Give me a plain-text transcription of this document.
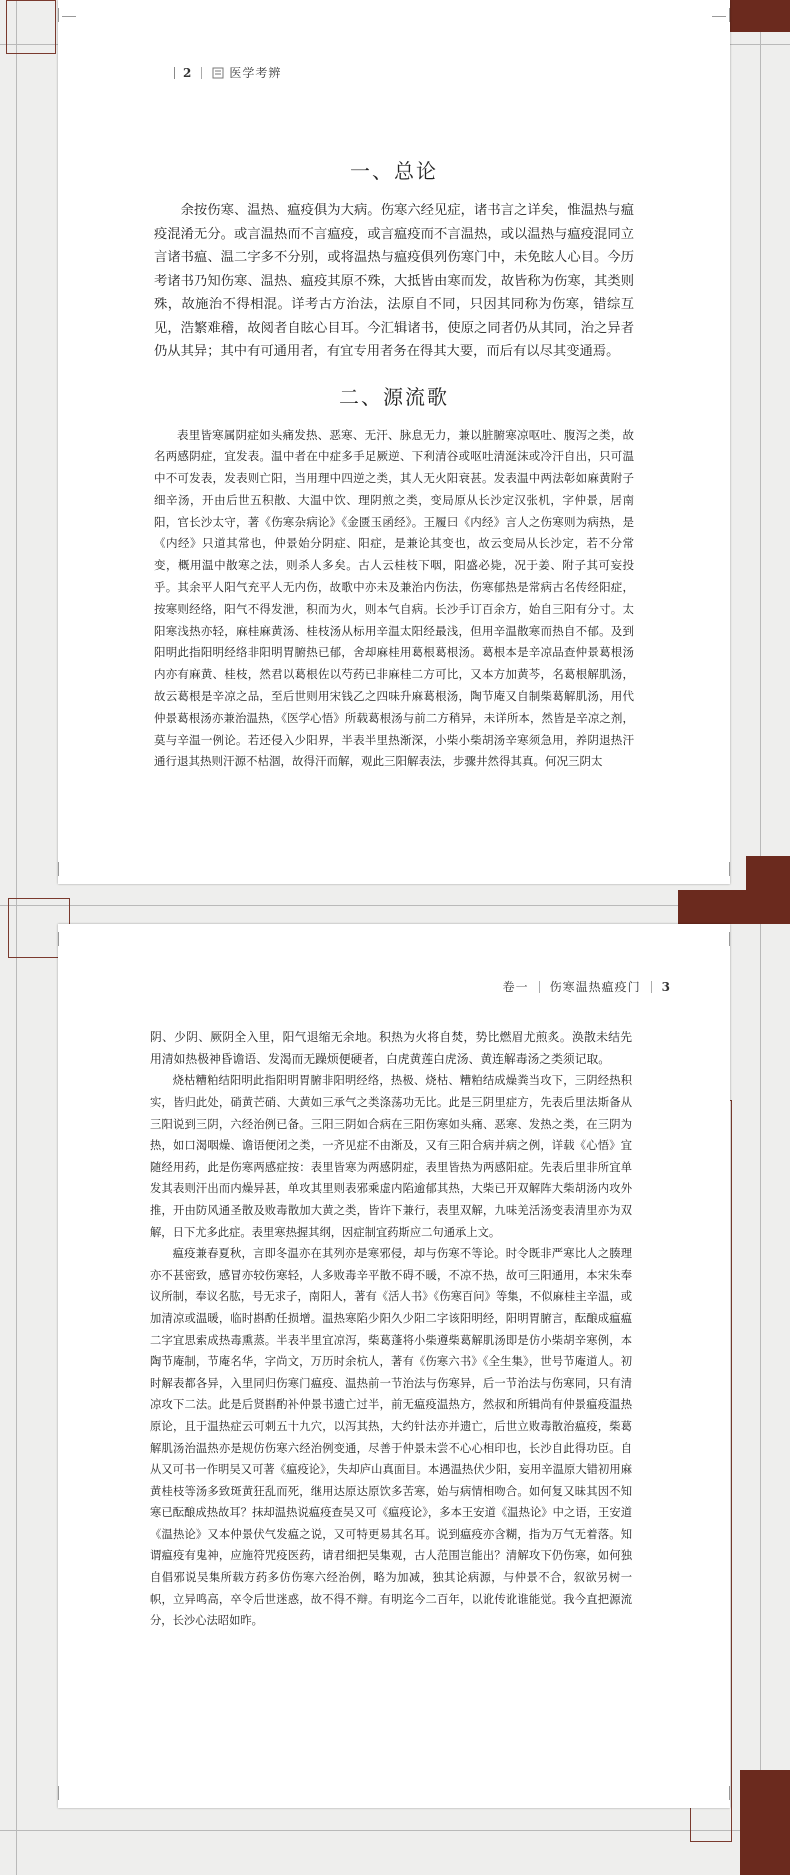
2	医学考辨
一、总论

余按伤寒、温热、瘟疫俱为大病。伤寒六经见症，诸书言之详矣，惟温热与瘟疫混淆无分。或言温热而不言瘟疫，或言瘟疫而不言温热，或以温热与瘟疫混同立言诸书瘟、温二字多不分别，或将温热与瘟疫俱列伤寒门中，未免眩人心目。今历考诸书乃知伤寒、温热、瘟疫其原不殊，大抵皆由寒而发，故皆称为伤寒，其类则殊，故施治不得相混。详考古方治法，法原自不同，只因其同称为伤寒，错综互见，浩繁难稽，故阅者自眩心目耳。今汇辑诸书，使原之同者仍从其同，治之异者仍从其异；其中有可通用者，有宜专用者务在得其大要，而后有以尽其变通焉。

二、源流歌

表里皆寒属阴症如头痛发热、恶寒、无汗、脉息无力，兼以脏腑寒凉呕吐、腹泻之类，故名两感阴症，宜发表。温中者在中症多手足厥逆、下利清谷或呕吐清涎沫或冷汗自出，只可温中不可发表，发表则亡阳，当用理中四逆之类，其人无火阳衰甚。发表温中两法彰如麻黄附子细辛汤，开由后世五积散、大温中饮、理阴煎之类，变局原从长沙定汉张机，字仲景，居南阳，官长沙太守，著《伤寒杂病论》《金匮玉函经》。王履曰《内经》言人之伤寒则为病热，是《内经》只道其常也，仲景始分阴症、阳症，是兼论其变也，故云变局从长沙定，若不分常变，概用温中散寒之法，则杀人多矣。古人云桂枝下咽，阳盛必毙，况于姜、附子其可妄投乎。其余平人阳气充平人无内伤，故歌中亦未及兼治内伤法，伤寒郁热是常病古名传经阳症，按寒则经络，阳气不得发泄，积而为火，则本气自病。长沙手订百余方，始自三阳有分寸。太阳寒浅热亦轻，麻桂麻黄汤、桂枝汤从标用辛温太阳经最浅，但用辛温散寒而热自不郁。及到阳明此指阳明经络非阳明胃腑热已郁，舍却麻桂用葛根葛根汤。葛根本是辛凉品查仲景葛根汤内亦有麻黄、桂枝，然君以葛根佐以芍药已非麻桂二方可比，又本方加黄芩，名葛根解肌汤，故云葛根是辛凉之品，至后世则用宋钱乙之四味升麻葛根汤，陶节庵又自制柴葛解肌汤，用代仲景葛根汤亦兼治温热，《医学心悟》所载葛根汤与前二方稍异，未详所本，然皆是辛凉之剂，莫与辛温一例论。若还侵入少阳界，半表半里热渐深，小柴小柴胡汤辛寒须急用，养阴退热汗通行退其热则汗源不枯涸，故得汗而解，观此三阳解表法，步骤井然得其真。何况三阴太

卷一 伤寒温热瘟疫门 3

阴、少阴、厥阴全入里，阳气退缩无余地。积热为火将自焚，势比燃眉尤煎炙。涣散未结先用清如热极神昏谵语、发渴而无躁烦便硬者，白虎黄莲白虎汤、黄连解毒汤之类须记取。

烧枯糟粕结阳明此指阳明胃腑非阳明经络，热极、烧枯、糟粕结成燥粪当攻下，三阴经热积实，皆归此处，硝黄芒硝、大黄如三承气之类涤荡功无比。此是三阴里症方，先表后里法斯备从三阳说到三阴，六经治例已备。三阳三阴如合病在三阳伤寒如头痛、恶寒、发热之类，在三阴为热，如口渴咽燥、谵语便闭之类，一齐见症不由渐及，又有三阳合病并病之例，详载《心悟》宜随经用药，此是伤寒两感症按：表里皆寒为两感阴症，表里皆热为两感阳症。先表后里非所宜单发其表则汗出而内燥异甚，单攻其里则表邪乘虚内陷逾郁其热，大柴已开双解阵大柴胡汤内攻外推，开由防风通圣散及败毒散加大黄之类，皆许下兼行，表里双解，九味羌活汤变表清里亦为双解，日下尤多此症。表里寒热握其纲，因症制宜药斯应二句通承上文。

瘟疫兼春夏秋，言即冬温亦在其列亦是寒邪侵，却与伤寒不等论。时令既非严寒比人之腠理亦不甚密致，感冒亦较伤寒轻，人多败毒辛平散不碍不暖，不凉不热，故可三阳通用，本宋朱奉议所制，奉议名肱，号无求子，南阳人，著有《活人书》《伤寒百问》等集，不似麻桂主辛温，或加清凉或温暖，临时斟酌任损增。温热寒陷少阳久少阳二字该阳明经，阳明胃腑言，酝酿成瘟瘟二字宜思索成热毒熏蒸。半表半里宜凉泻，柴葛蓬将小柴遵柴葛解肌汤即是仿小柴胡辛寒例，本陶节庵制，节庵名华，字尚文，万历时余杭人，著有《伤寒六书》《全生集》，世号节庵道人。初时解表都各异，入里同归伤寒门瘟疫、温热前一节治法与伤寒异，后一节治法与伤寒同，只有清凉攻下二法。此是后贤斟酌补仲景书遗亡过半，前无瘟疫温热方，然叔和所辑尚有仲景瘟疫温热原论，且于温热症云可刺五十九穴，以泻其热，大约针法亦并遗亡，后世立败毒散治瘟疫，柴葛解肌汤治温热亦是规仿伤寒六经治例变通，尽善于仲景未尝不心心相印也，长沙自此得功臣。自从又可书一作明吴又可著《瘟疫论》，失却庐山真面目。本遇温热伏少阳，妄用辛温原大错初用麻黄桂枝等汤多致斑黄狂乱而死，继用达原达原饮多苦寒，始与病情相吻合。如何复又昧其因不知寒已酝酿成热故耳？抹却温热说瘟疫查吴又可《瘟疫论》，多本王安道《温热论》中之语，王安道《温热论》又本仲景伏气发瘟之说，又可特更易其名耳。说到瘟疫亦含糊，指为万气无着落。知谓瘟疫有鬼神，应施符咒疫医药，请君细把吴集观，古人范围岂能出？清解攻下仍伤寒，如何独自倡邪说吴集所载方药多仿伤寒六经治例，略为加减，独其论病源，与仲景不合，叙欲另树一帜，立异鸣高，卒令后世迷惑，故不得不辩。有明迄今二百年，以讹传讹谁能觉。我今直把源流分，长沙心法昭如昨。
